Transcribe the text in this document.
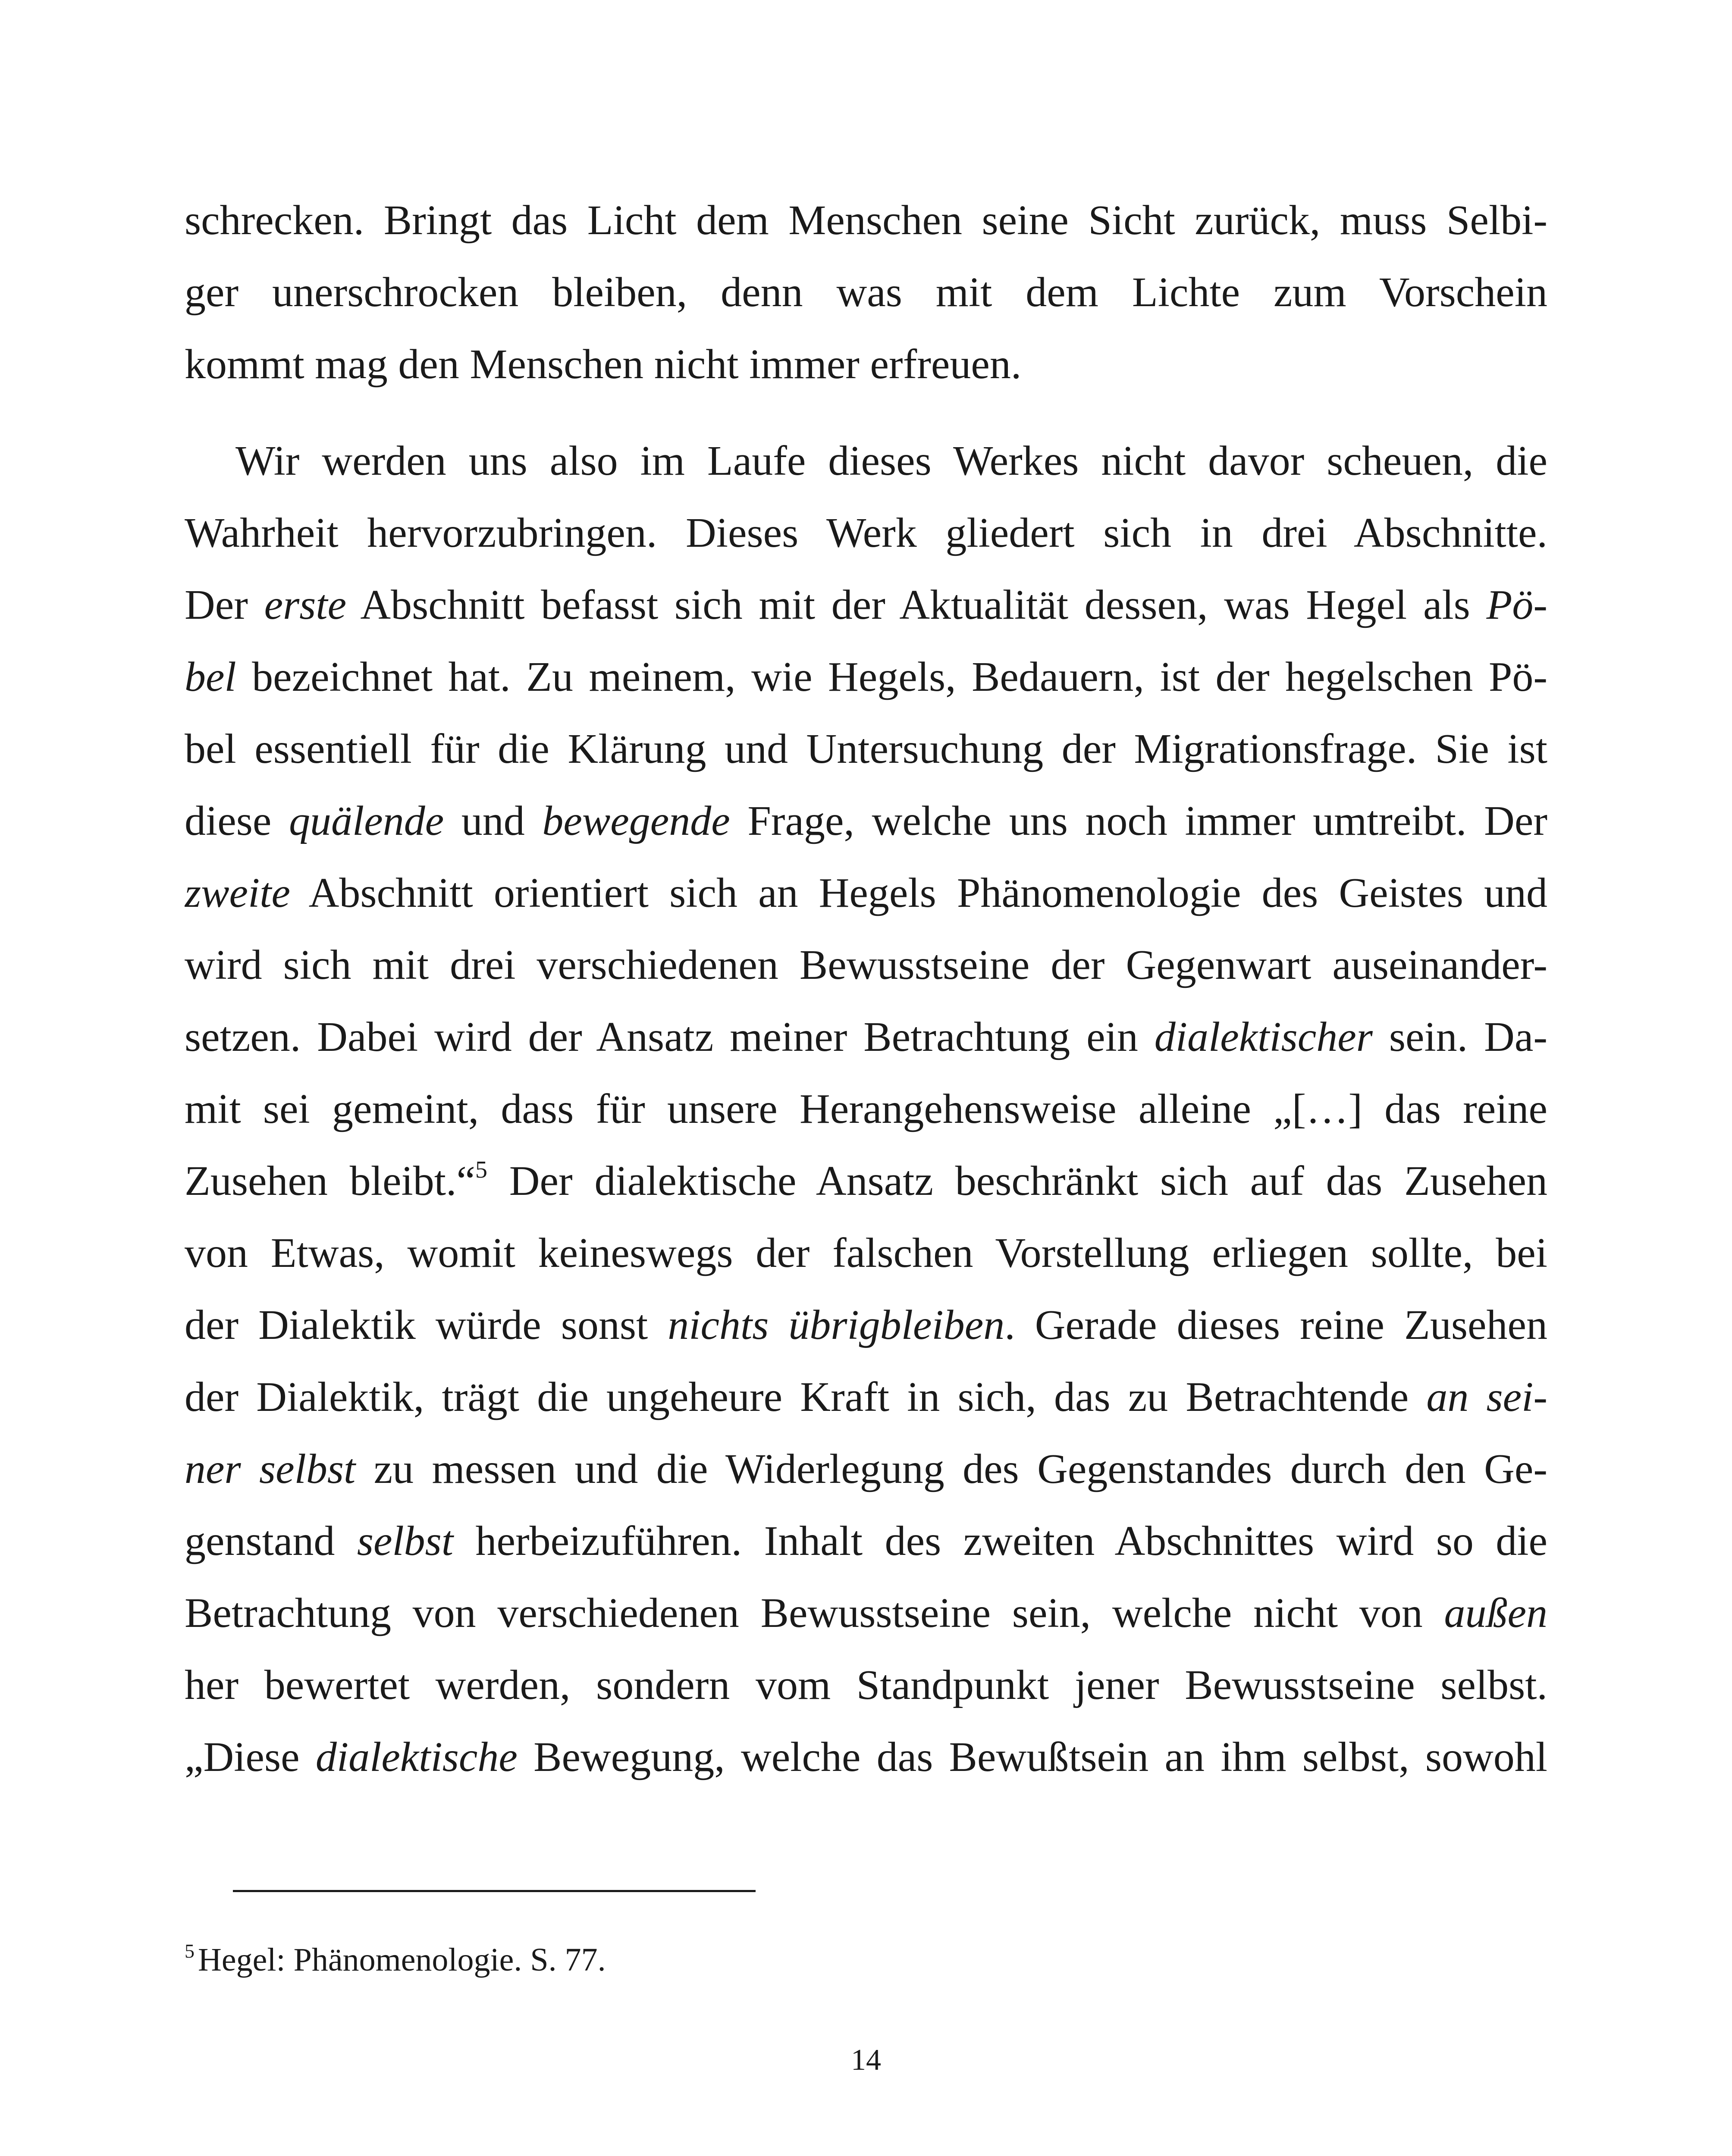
schrecken. Bringt das Licht dem Menschen seine Sicht zurück, muss Selbi-
ger unerschrocken bleiben, denn was mit dem Lichte zum Vorschein
kommt mag den Menschen nicht immer erfreuen.
Wir werden uns also im Laufe dieses Werkes nicht davor scheuen, die
Wahrheit hervorzubringen. Dieses Werk gliedert sich in drei Abschnitte.
Der erste Abschnitt befasst sich mit der Aktualität dessen, was Hegel als Pö-
bel bezeichnet hat. Zu meinem, wie Hegels, Bedauern, ist der hegelschen Pö-
bel essentiell für die Klärung und Untersuchung der Migrationsfrage. Sie ist
diese quälende und bewegende Frage, welche uns noch immer umtreibt. Der
zweite Abschnitt orientiert sich an Hegels Phänomenologie des Geistes und
wird sich mit drei verschiedenen Bewusstseine der Gegenwart auseinander-
setzen. Dabei wird der Ansatz meiner Betrachtung ein dialektischer sein. Da-
mit sei gemeint, dass für unsere Herangehensweise alleine „[…] das reine
Zusehen bleibt.“$^5$ Der dialektische Ansatz beschränkt sich auf das Zusehen
von Etwas, womit keineswegs der falschen Vorstellung erliegen sollte, bei
der Dialektik würde sonst nichts übrigbleiben. Gerade dieses reine Zusehen
der Dialektik, trägt die ungeheure Kraft in sich, das zu Betrachtende an sei-
ner selbst zu messen und die Widerlegung des Gegenstandes durch den Ge-
genstand selbst herbeizuführen. Inhalt des zweiten Abschnittes wird so die
Betrachtung von verschiedenen Bewusstseine sein, welche nicht von außen
her bewertet werden, sondern vom Standpunkt jener Bewusstseine selbst.
„Diese dialektische Bewegung, welche das Bewußtsein an ihm selbst, sowohl
$^5$ Hegel: Phänomenologie. S. 77.
14
